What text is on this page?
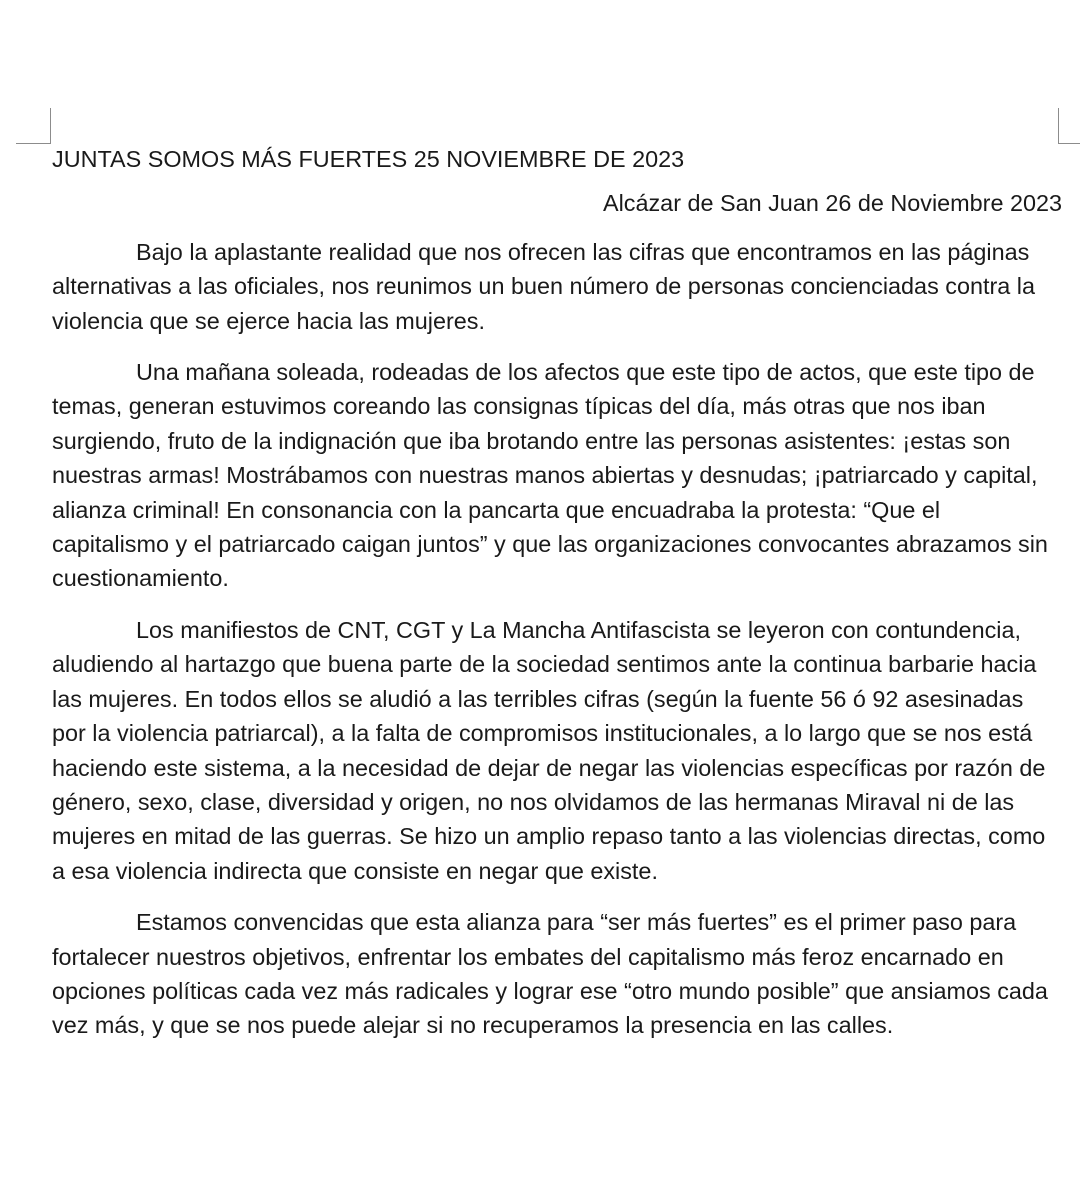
JUNTAS SOMOS MÁS FUERTES 25 NOVIEMBRE DE 2023

Alcázar de San Juan 26 de Noviembre 2023

Bajo la aplastante realidad que nos ofrecen las cifras que encontramos en las páginas alternativas a las oficiales, nos reunimos un buen número de personas concienciadas contra la violencia que se ejerce hacia las mujeres.

Una mañana soleada, rodeadas de los afectos que este tipo de actos, que este tipo de temas, generan estuvimos coreando las consignas típicas del día, más otras que nos iban surgiendo, fruto de la indignación que iba brotando entre las personas asistentes: ¡estas son nuestras armas! Mostrábamos con nuestras manos abiertas y desnudas; ¡patriarcado y capital, alianza criminal! En consonancia con la pancarta que encuadraba la protesta: “Que el capitalismo y el patriarcado caigan juntos” y que las organizaciones convocantes abrazamos sin cuestionamiento.

Los manifiestos de CNT, CGT y La Mancha Antifascista se leyeron con contundencia, aludiendo al hartazgo que buena parte de la sociedad sentimos ante la continua barbarie hacia las mujeres. En todos ellos se aludió a las terribles cifras (según la fuente 56 ó 92 asesinadas por la violencia patriarcal), a la falta de compromisos institucionales, a lo largo que se nos está haciendo este sistema, a la necesidad de dejar de negar las violencias específicas por razón de género, sexo, clase, diversidad y origen, no nos olvidamos de las hermanas Miraval ni de las mujeres en mitad de las guerras. Se hizo un amplio repaso tanto a las violencias directas, como a esa violencia indirecta que consiste en negar que existe.

Estamos convencidas que esta alianza para “ser más fuertes” es el primer paso para fortalecer nuestros objetivos, enfrentar los embates del capitalismo más feroz encarnado en opciones políticas cada vez más radicales y lograr ese “otro mundo posible” que ansiamos cada vez más, y que se nos puede alejar si no recuperamos la presencia en las calles.
